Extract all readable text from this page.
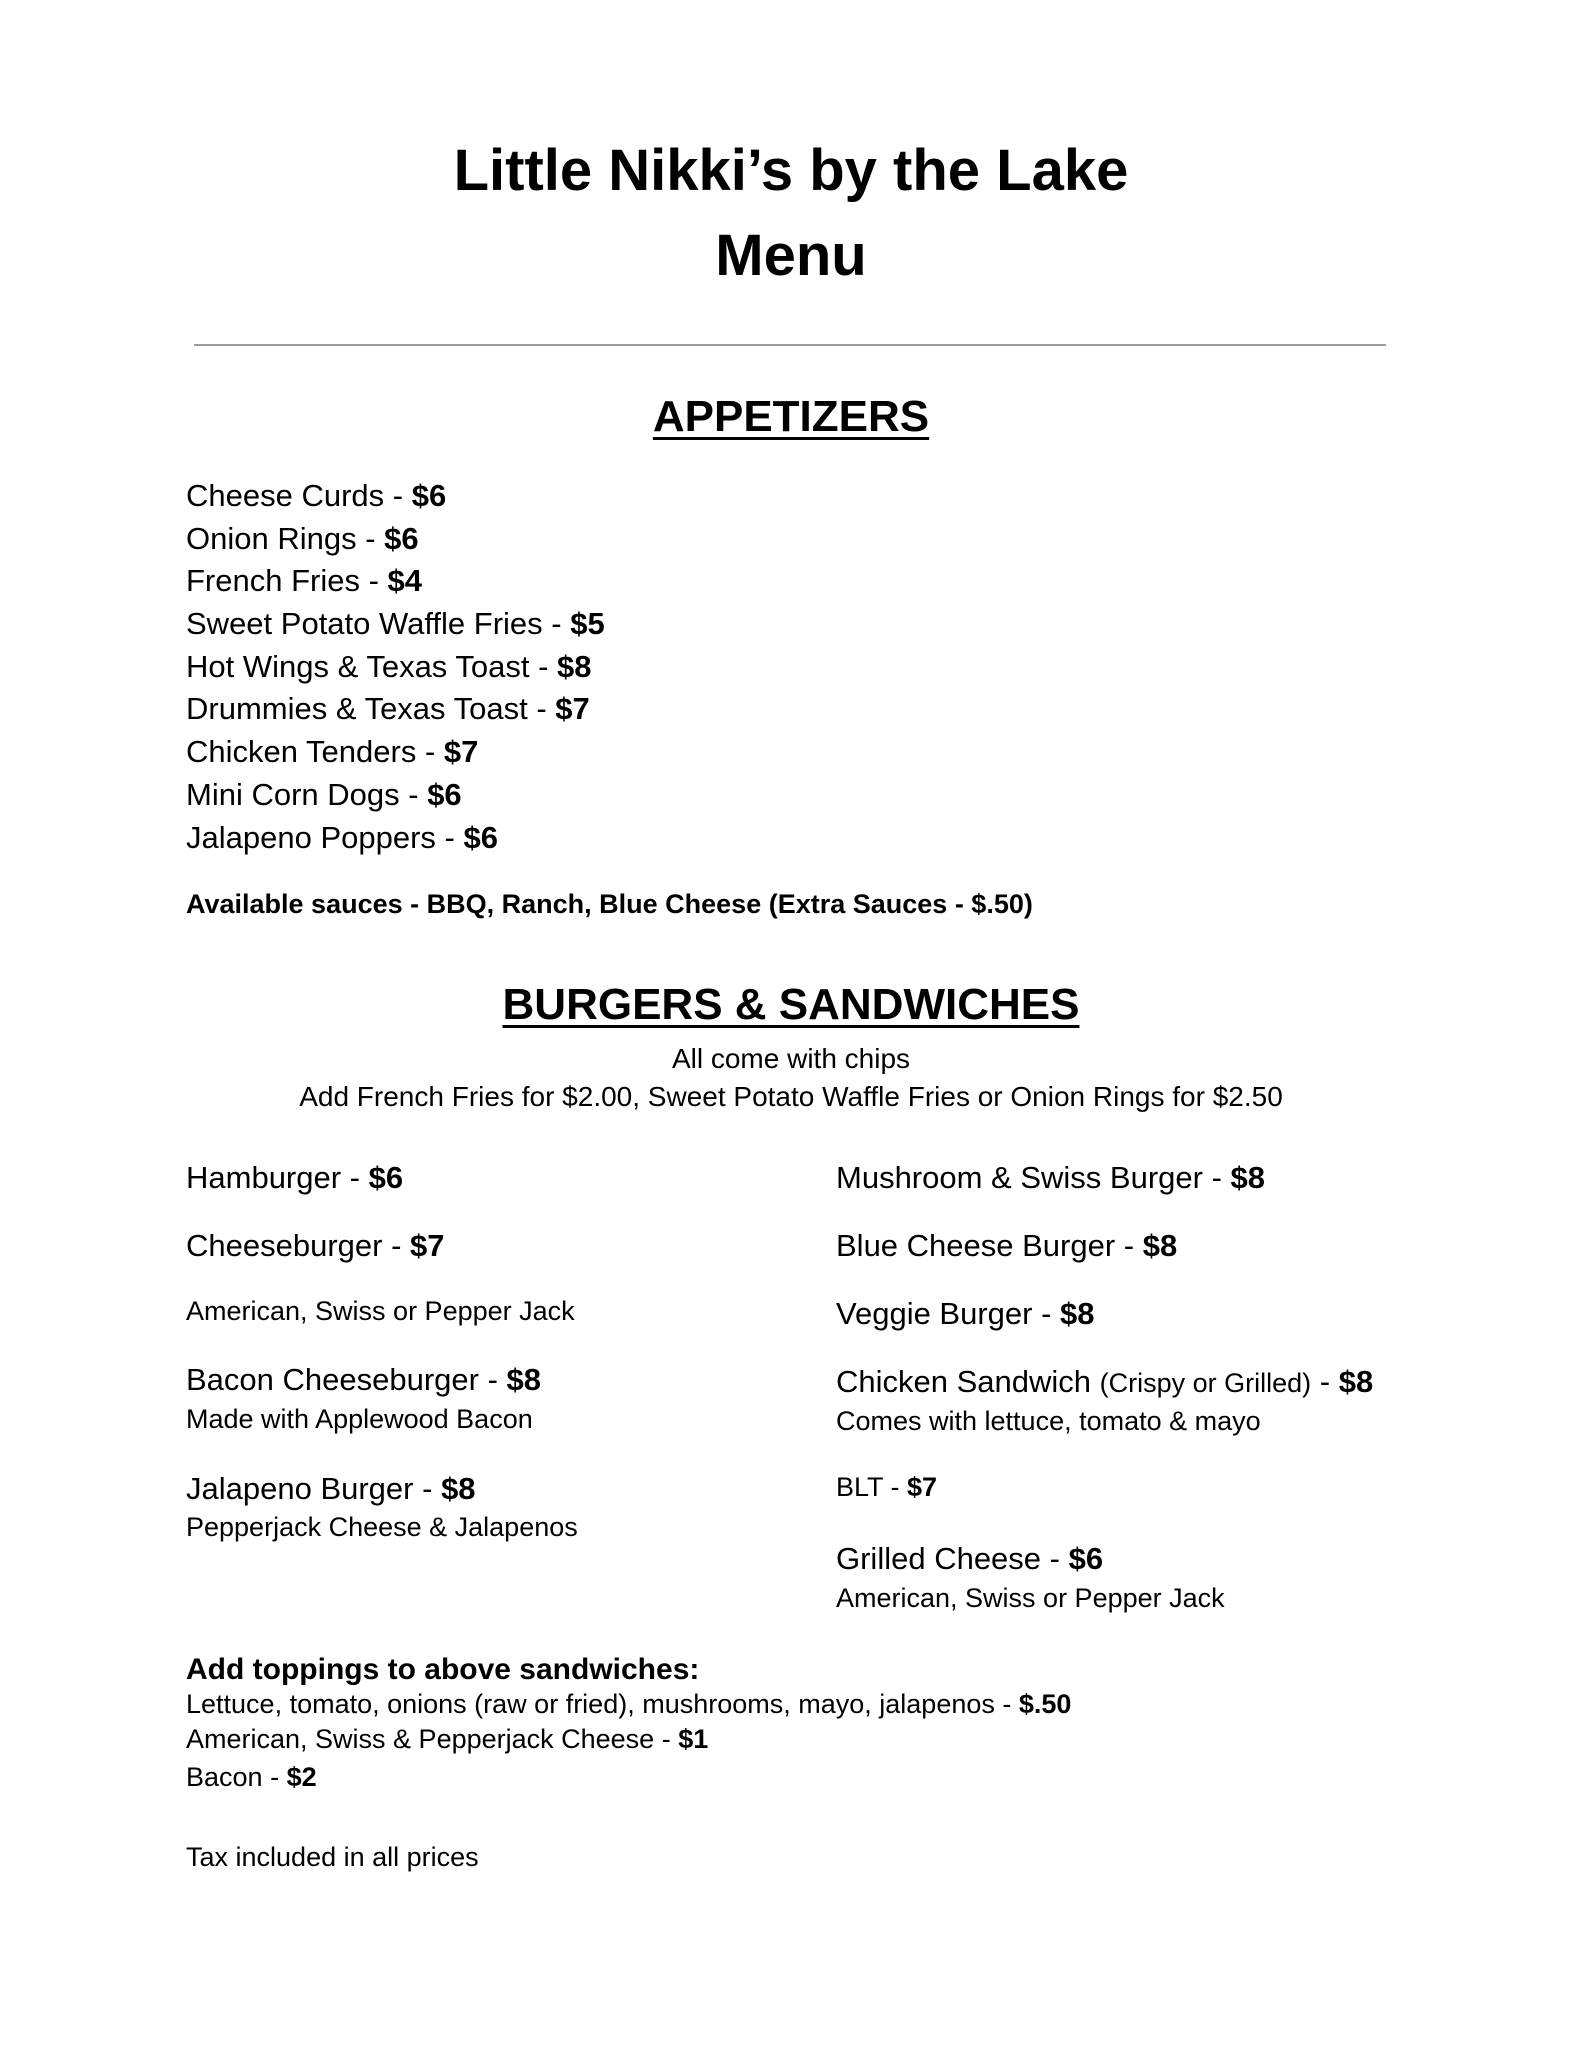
Little Nikki’s by the Lake
Menu
APPETIZERS
Cheese Curds - $6
Onion Rings - $6
French Fries - $4
Sweet Potato Waffle Fries - $5
Hot Wings & Texas Toast - $8
Drummies & Texas Toast - $7
Chicken Tenders - $7
Mini Corn Dogs - $6
Jalapeno Poppers - $6
Available sauces - BBQ, Ranch, Blue Cheese (Extra Sauces - $.50)
BURGERS & SANDWICHES
All come with chips
Add French Fries for $2.00, Sweet Potato Waffle Fries or Onion Rings for $2.50
Hamburger - $6
Cheeseburger - $7
American, Swiss or Pepper Jack
Bacon Cheeseburger - $8
Made with Applewood Bacon
Jalapeno Burger - $8
Pepperjack Cheese & Jalapenos
Mushroom & Swiss Burger - $8
Blue Cheese Burger - $8
Veggie Burger - $8
Chicken Sandwich (Crispy or Grilled) - $8
Comes with lettuce, tomato & mayo
BLT - $7
Grilled Cheese - $6
American, Swiss or Pepper Jack
Add toppings to above sandwiches:
Lettuce, tomato, onions (raw or fried), mushrooms, mayo, jalapenos - $.50
American, Swiss & Pepperjack Cheese - $1
Bacon - $2
Tax included in all prices
